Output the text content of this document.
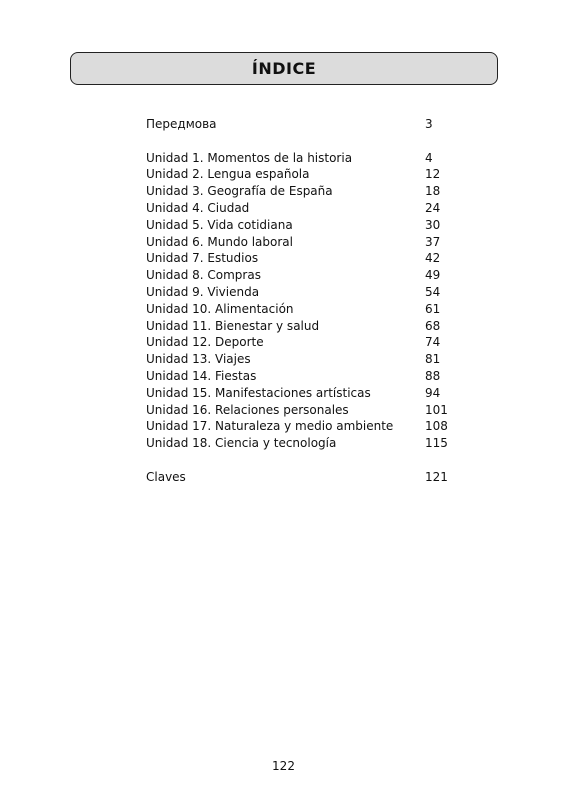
ÍNDICE
Передмова	3
Unidad 1. Momentos de la historia	4
Unidad 2. Lengua española	12
Unidad 3. Geografía de España	18
Unidad 4. Ciudad	24
Unidad 5. Vida cotidiana	30
Unidad 6. Mundo laboral	37
Unidad 7. Estudios	42
Unidad 8. Compras	49
Unidad 9. Vivienda	54
Unidad 10. Alimentación	61
Unidad 11. Bienestar y salud	68
Unidad 12. Deporte	74
Unidad 13. Viajes	81
Unidad 14. Fiestas	88
Unidad 15. Manifestaciones artísticas	94
Unidad 16. Relaciones personales	101
Unidad 17. Naturaleza y medio ambiente	108
Unidad 18. Ciencia y tecnología	115
Claves	121
122
